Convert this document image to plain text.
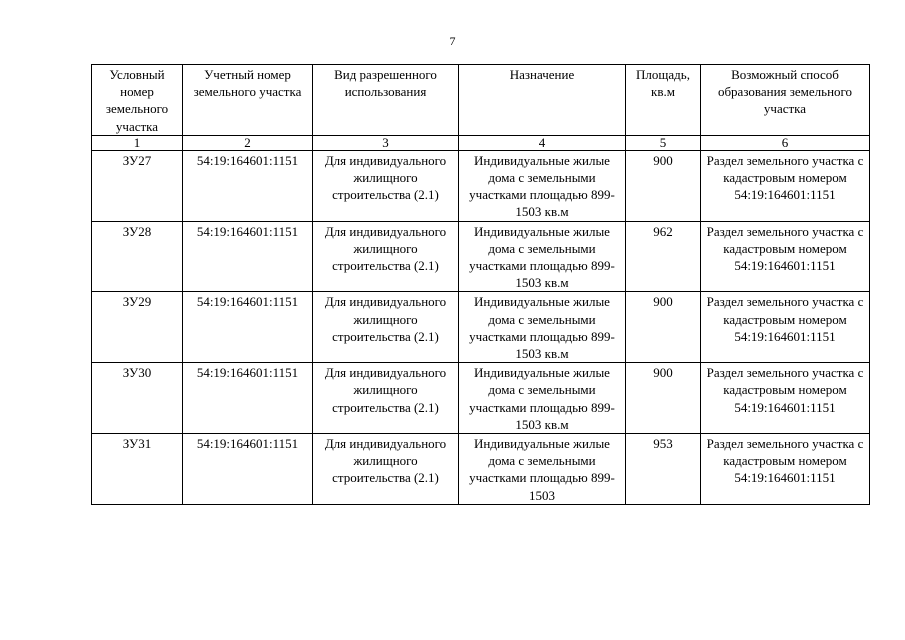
7
Условный номер земельного участка	Учетный номер земельного участка	Вид разрешенного использования	Назначение	Площадь, кв.м	Возможный способ образования земельного участка
1	2	3	4	5	6
ЗУ27	54:19:164601:1151	Для индивидуального жилищного строительства (2.1)	Индивидуальные жилые дома с земельными участками площадью 899-1503 кв.м	900	Раздел земельного участка с кадастровым номером 54:19:164601:1151
ЗУ28	54:19:164601:1151	Для индивидуального жилищного строительства (2.1)	Индивидуальные жилые дома с земельными участками площадью 899-1503 кв.м	962	Раздел земельного участка с кадастровым номером 54:19:164601:1151
ЗУ29	54:19:164601:1151	Для индивидуального жилищного строительства (2.1)	Индивидуальные жилые дома с земельными участками площадью 899-1503 кв.м	900	Раздел земельного участка с кадастровым номером 54:19:164601:1151
ЗУ30	54:19:164601:1151	Для индивидуального жилищного строительства (2.1)	Индивидуальные жилые дома с земельными участками площадью 899-1503 кв.м	900	Раздел земельного участка с кадастровым номером 54:19:164601:1151
ЗУ31	54:19:164601:1151	Для индивидуального жилищного строительства (2.1)	Индивидуальные жилые дома с земельными участками площадью 899-1503	953	Раздел земельного участка с кадастровым номером 54:19:164601:1151
